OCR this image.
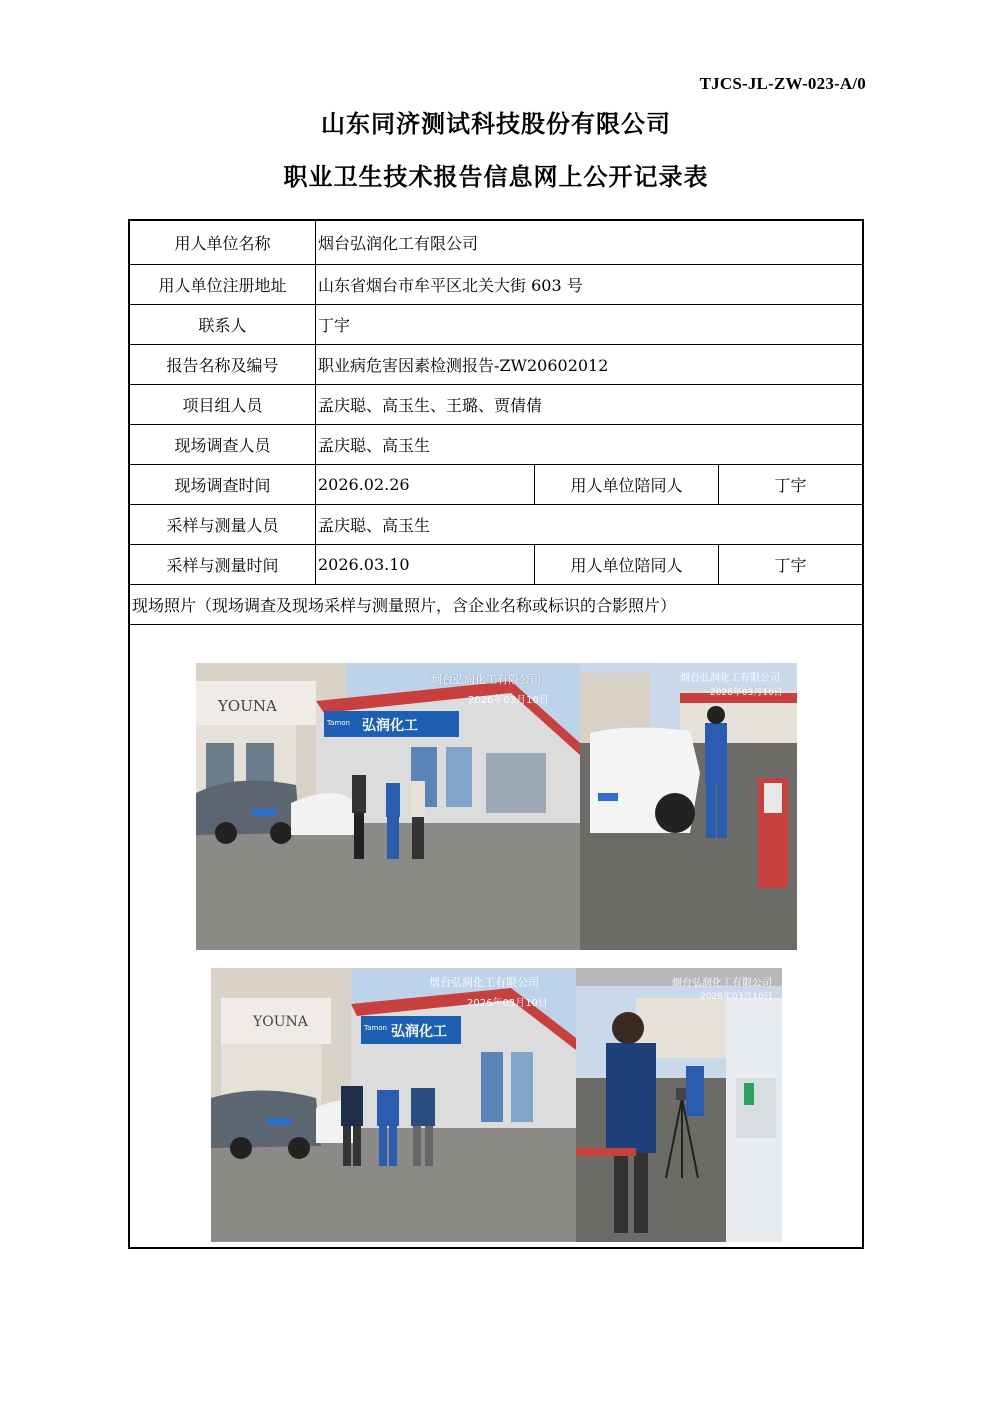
TJCS-JL-ZW-023-A/0
山东同济测试科技股份有限公司
职业卫生技术报告信息网上公开记录表
用人单位名称	烟台弘润化工有限公司
用人单位注册地址	山东省烟台市牟平区北关大街 603 号
联系人	丁宇
报告名称及编号	职业病危害因素检测报告-ZW20602012
项目组人员	孟庆聪、高玉生、王璐、贾倩倩
现场调查人员	孟庆聪、高玉生
现场调查时间	2026.02.26	用人单位陪同人	丁宇
采样与测量人员	孟庆聪、高玉生
采样与测量时间	2026.03.10	用人单位陪同人	丁宇
现场照片（现场调查及现场采样与测量照片，含企业名称或标识的合影照片）
YOUNA
弘润化工
Tamon
烟台弘润化工有限公司
2026年03月10日
烟台弘润化工有限公司
2026年03月10日
YOUNA
弘润化工
Tamon
烟台弘润化工有限公司
2026年03月10日
烟台弘润化工有限公司
2026年03月10日
